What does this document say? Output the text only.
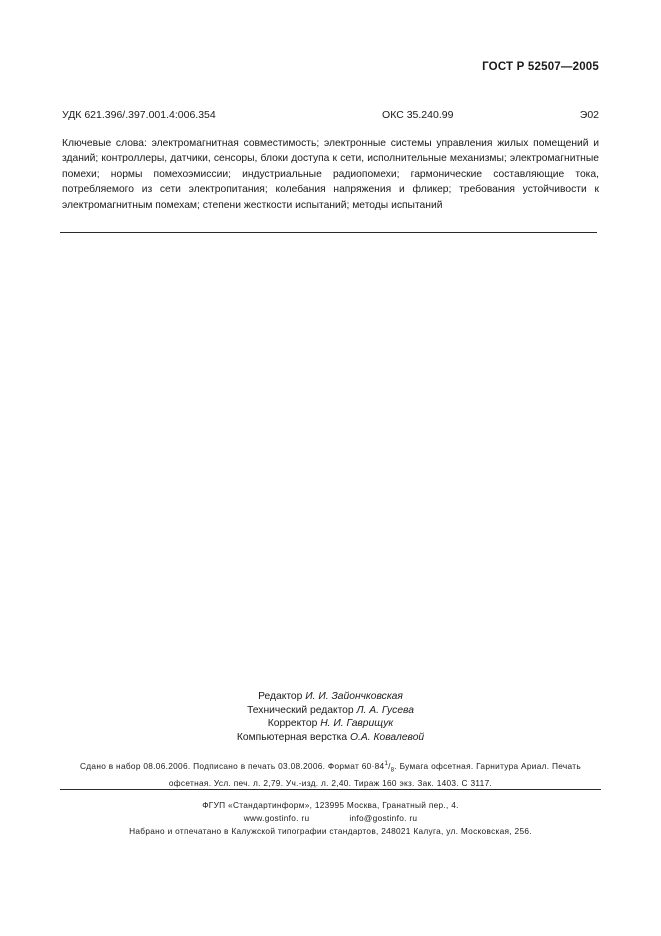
ГОСТ Р 52507—2005
УДК 621.396/.397.001.4:006.354	ОКС 35.240.99	Э02
Ключевые слова: электромагнитная совместимость; электронные системы управления жилых помещений и зданий; контроллеры, датчики, сенсоры, блоки доступа к сети, исполнительные механизмы; электромагнитные помехи; нормы помехоэмиссии; индустриальные радиопомехи; гармонические составляющие тока, потребляемого из сети электропитания; колебания напряжения и фликер; требования устойчивости к электромагнитным помехам; степени жесткости испытаний; методы испытаний
Редактор И. И. Зайончковская
Технический редактор Л. А. Гусева
Корректор Н. И. Гаврищук
Компьютерная верстка О.А. Ковалевой
Сдано в набор 08.06.2006. Подписано в печать 03.08.2006. Формат $60\cdot 84^1/_8$. Бумага офсетная. Гарнитура Ариал. Печать
офсетная. Усл. печ. л. 2,79. Уч.-изд. л. 2,40. Тираж 160 экз. Зак. 1403. С 3117.
ФГУП «Стандартинформ», 123995 Москва, Гранатный пер., 4.
www.gostinfo. ru	info@gostinfo. ru
Набрано и отпечатано в Калужской типографии стандартов, 248021 Калуга, ул. Московская, 256.
